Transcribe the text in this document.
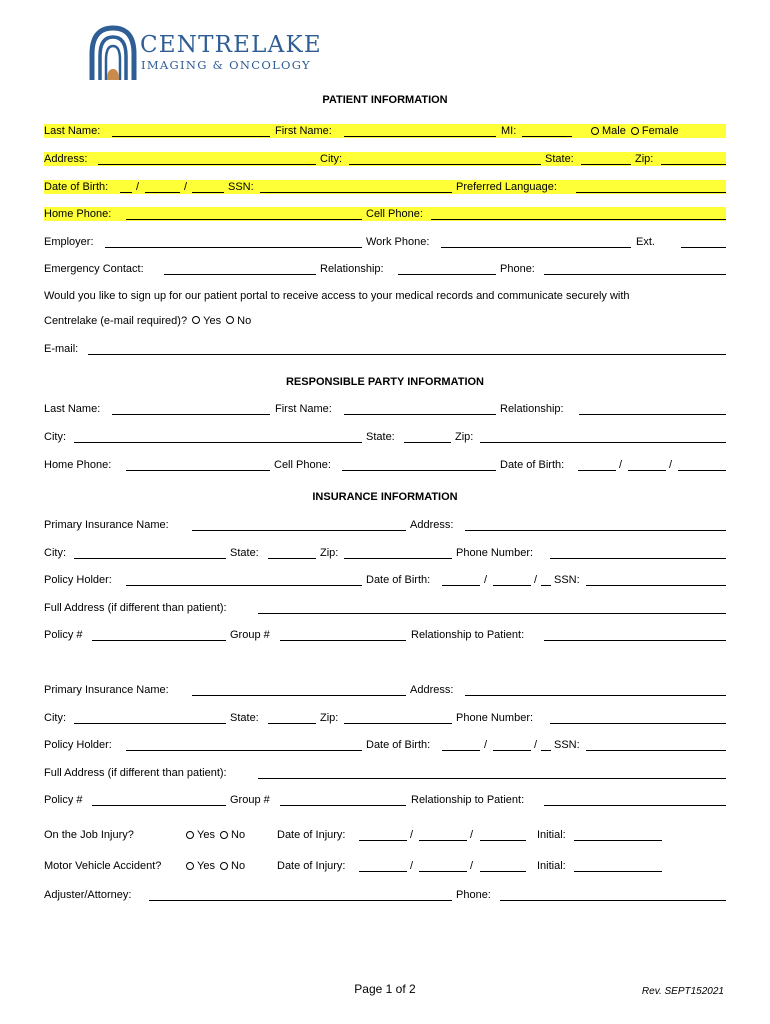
CENTRELAKE
IMAGING & ONCOLOGY
PATIENT INFORMATION
Last Name:	First Name:	MI:	Male Female
Address:	City:	State:	Zip:
Date of Birth:	/	/	SSN:	Preferred Language:
Home Phone:	Cell Phone:
Employer:	Work Phone:	Ext.
Emergency Contact:	Relationship:	Phone:
Would you like to sign up for our patient portal to receive access to your medical records and communicate securely with
Centrelake (e-mail required)? Yes No
E-mail:
RESPONSIBLE PARTY INFORMATION
Last Name:	First Name:	Relationship:
City:	State:	Zip:
Home Phone:	Cell Phone:	Date of Birth:	/	/
INSURANCE INFORMATION
Primary Insurance Name:	Address:
City:	State:	Zip:	Phone Number:
Policy Holder:	Date of Birth:	/	/ SSN:
Full Address (if different than patient):
Policy #	Group #	Relationship to Patient:
Primary Insurance Name:	Address:
City:	State:	Zip:	Phone Number:
Policy Holder:	Date of Birth:	/	/ SSN:
Full Address (if different than patient):
Policy #	Group #	Relationship to Patient:
On the Job Injury?	Yes No	Date of Injury:	/	/	Initial:
Motor Vehicle Accident?	Yes No	Date of Injury:	/	/	Initial:
Adjuster/Attorney:	Phone:
Page 1 of 2	Rev. SEPT152021
